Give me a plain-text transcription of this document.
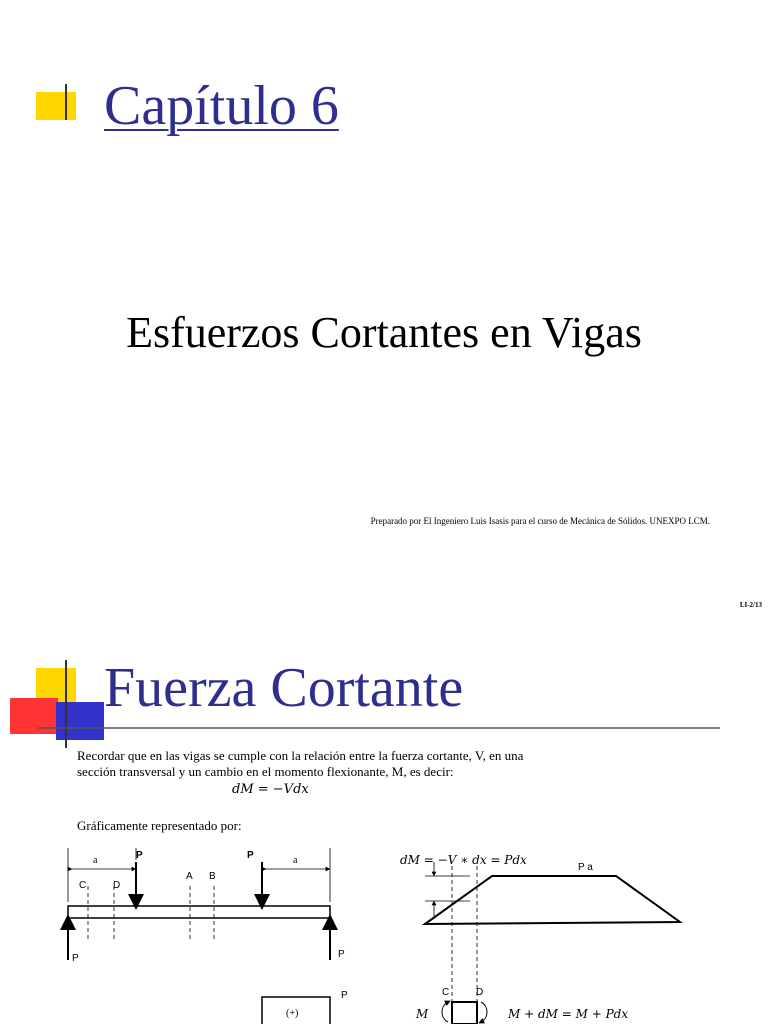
Capítulo 6
Esfuerzos Cortantes en Vigas
Preparado por El Ingeniero Luis Isasis para el curso de Mecánica de Sólidos. UNEXPO LCM.
LI-2/13
Fuerza Cortante
Recordar que en las vigas se cumple con la relación entre la fuerza cortante, V, en una
sección transversal y un cambio en el momento flexionante, M, es decir:
dM = −Vdx
Gráficamente representado por:
a	a
P	P
C	D
A B
P	P
(+)
P
P a
C	D
dM = −V ∗ dx = Pdx
M	M + dM = M + Pdx
